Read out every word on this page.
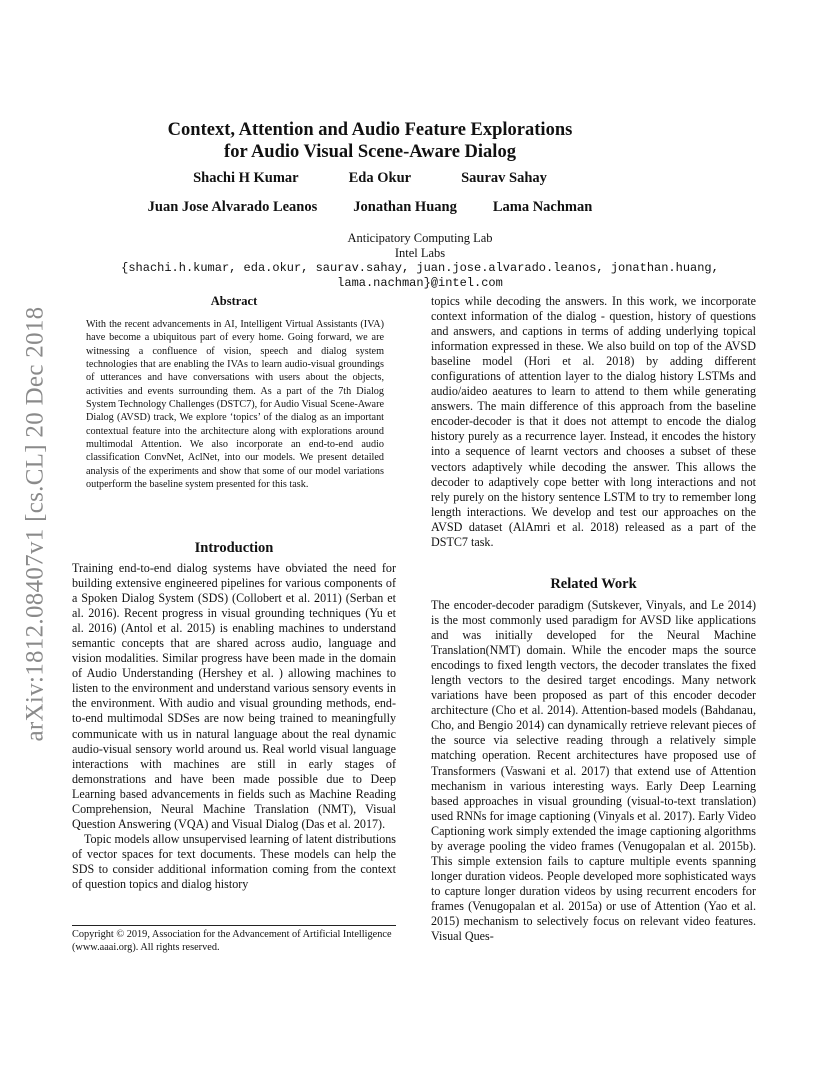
arXiv:1812.08407v1 [cs.CL] 20 Dec 2018
Context, Attention and Audio Feature Explorations
for Audio Visual Scene-Aware Dialog
Shachi H Kumar	Eda Okur	Saurav Sahay
Juan Jose Alvarado Leanos Jonathan Huang Lama Nachman
Anticipatory Computing Lab
Intel Labs
{shachi.h.kumar, eda.okur, saurav.sahay, juan.jose.alvarado.leanos, jonathan.huang,
lama.nachman}@intel.com
Abstract
With the recent advancements in AI, Intelligent Virtual Assistants (IVA) have become a ubiquitous part of every home. Going forward, we are witnessing a confluence of vision, speech and dialog system technologies that are enabling the IVAs to learn audio-visual groundings of utterances and have conversations with users about the objects, activities and events surrounding them. As a part of the 7th Dialog System Technology Challenges (DSTC7), for Audio Visual Scene-Aware Dialog (AVSD) track, We explore ‘topics’ of the dialog as an important contextual feature into the architecture along with explorations around multimodal Attention. We also incorporate an end-to-end audio classification ConvNet, AclNet, into our models. We present detailed analysis of the experiments and show that some of our model variations outperform the baseline system presented for this task.
Introduction

Training end-to-end dialog systems have obviated the need for building extensive engineered pipelines for various components of a Spoken Dialog System (SDS) (Collobert et al. 2011) (Serban et al. 2016). Recent progress in visual grounding techniques (Yu et al. 2016) (Antol et al. 2015) is enabling machines to understand semantic concepts that are shared across audio, language and vision modalities. Similar progress have been made in the domain of Audio Understanding (Hershey et al. ) allowing machines to listen to the environment and understand various sensory events in the environment. With audio and visual grounding methods, end-to-end multimodal SDSes are now being trained to meaningfully communicate with us in natural language about the real dynamic audio-visual sensory world around us. Real world visual language interactions with machines are still in early stages of demonstrations and have been made possible due to Deep Learning based advancements in fields such as Machine Reading Comprehension, Neural Machine Translation (NMT), Visual Question Answering (VQA) and Visual Dialog (Das et al. 2017).

Topic models allow unsupervised learning of latent distributions of vector spaces for text documents. These models can help the SDS to consider additional information coming from the context of question topics and dialog history

Copyright © 2019, Association for the Advancement of Artificial Intelligence (www.aaai.org). All rights reserved.

topics while decoding the answers. In this work, we incorporate context information of the dialog - question, history of questions and answers, and captions in terms of adding underlying topical information expressed in these. We also build on top of the AVSD baseline model (Hori et al. 2018) by adding different configurations of attention layer to the dialog history LSTMs and audio/aideo aeatures to learn to attend to them while generating answers. The main difference of this approach from the baseline encoder-decoder is that it does not attempt to encode the dialog history purely as a recurrence layer. Instead, it encodes the history into a sequence of learnt vectors and chooses a subset of these vectors adaptively while decoding the answer. This allows the decoder to adaptively cope better with long interactions and not rely purely on the history sentence LSTM to try to remember long length interactions. We develop and test our approaches on the AVSD dataset (AlAmri et al. 2018) released as a part of the DSTC7 task.

Related Work

The encoder-decoder paradigm (Sutskever, Vinyals, and Le 2014) is the most commonly used paradigm for AVSD like applications and was initially developed for the Neural Machine Translation(NMT) domain. While the encoder maps the source encodings to fixed length vectors, the decoder translates the fixed length vectors to the desired target encodings. Many network variations have been proposed as part of this encoder decoder architecture (Cho et al. 2014). Attention-based models (Bahdanau, Cho, and Bengio 2014) can dynamically retrieve relevant pieces of the source via selective reading through a relatively simple matching operation. Recent architectures have proposed use of Transformers (Vaswani et al. 2017) that extend use of Attention mechanism in various interesting ways. Early Deep Learning based approaches in visual grounding (visual-to-text translation) used RNNs for image captioning (Vinyals et al. 2017). Early Video Captioning work simply extended the image captioning algorithms by average pooling the video frames (Venugopalan et al. 2015b). This simple extension fails to capture multiple events spanning longer duration videos. People developed more sophisticated ways to capture longer duration videos by using recurrent encoders for frames (Venugopalan et al. 2015a) or use of Attention (Yao et al. 2015) mechanism to selectively focus on relevant video features. Visual Ques-
